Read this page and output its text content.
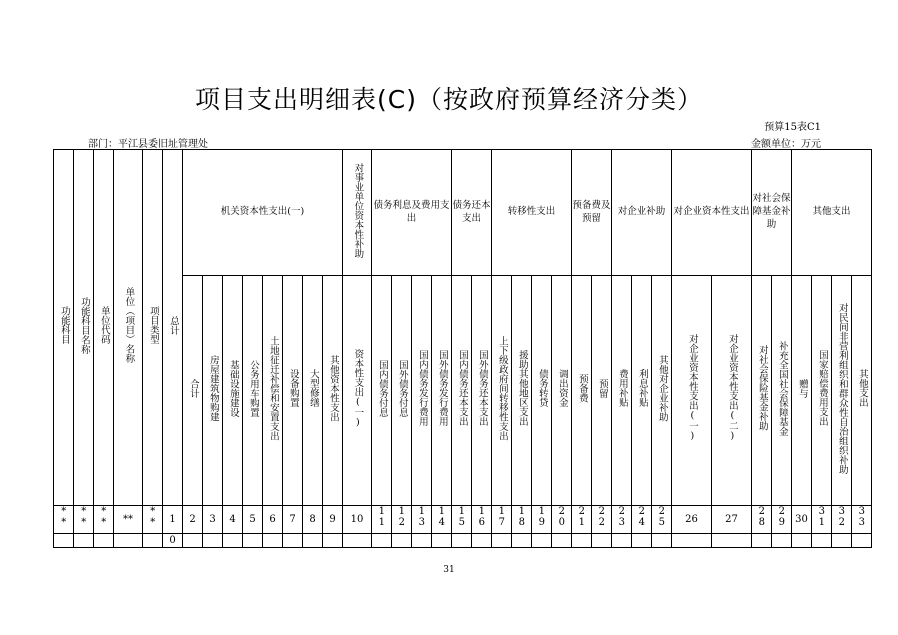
项目支出明细表(C)（按政府预算经济分类）
预算15表C1
部门：平江县委旧址管理处	金额单位：万元
功能科目	功能科目名称	单位代码	单位（项目）名称	项目类型	总计	机关资本性支出(一)								对事业单位资本性补助	债务利息及费用支出				债务还本支出		转移性支出				预备费及预留		对企业补助			对企业资本性支出		对社会保障基金补助		其他支出			
						合计	房屋建筑物购建	基础设施建设	公务用车购置	土地征迁补偿和安置支出	设备购置	大型修缮	其他资本性支出	资本性支出(一)	国内债务付息	国外债务付息	国内债务发行费用	国外债务发行费用	国内债务还本支出	国外债务还本支出	上下级政府间转移性支出	援助其他地区支出	债务转贷	调出资金	预备费	预留	费用补贴	利息补贴	其他对企业补助	对企业资本性支出(一)	对企业资本性支出(二)	对社会保险基金补助	补充全国社会保障基金	赠与	国家赔偿费用支出	对民间非营利组织和群众性自治组织补助	其他支出
**	**	**	**	**	1	2	3	4	5	6	7	8	9	10	11	12	13	14	15	16	17	18	19	20	21	22	23	24	25	26	27	28	29	30	31	32	33
					0																																
31
